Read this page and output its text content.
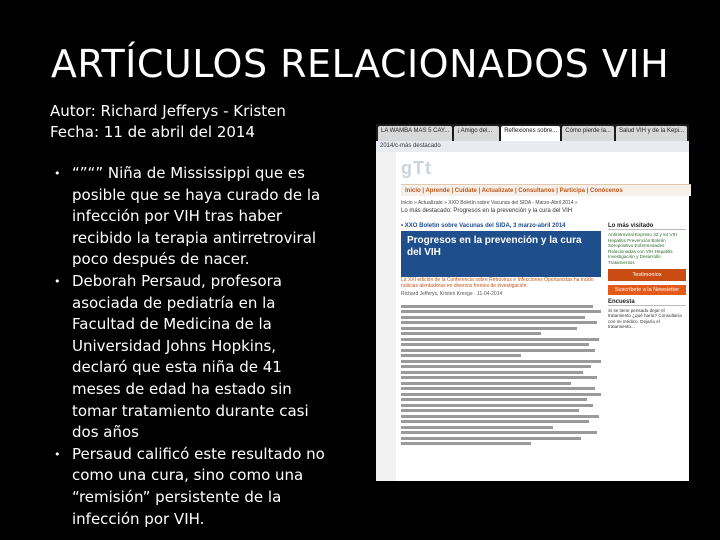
ARTÍCULOS RELACIONADOS VIH
Autor: Richard Jefferys - Kristen
Fecha: 11 de abril del 2014
• “”“” Niña de Mississippi que es posible que se haya curado de la infección por VIH tras haber recibido la terapia antirretroviral poco después de nacer.
• Deborah Persaud, profesora asociada de pediatría en la Facultad de Medicina de la Universidad Johns Hopkins, declaró que esta niña de 41 meses de edad ha estado sin tomar tratamiento durante casi dos años
• Persaud calificó este resultado no como una cura, sino como una “remisión” persistente de la infección por VIH.
LA WAMBA MAS 5 CAY...	¡ Amigo del...	Reflexiones sobre...	Cómo pierde la...	Salud VIH y de la Kepi...
2014/c-más destacado
gTt
Inicio | Aprende | Cuídate | Actualízate | Consultanos | Participa | Conócenos
Inicio » Actualízate » XXO Boletín sobre Vacunas del SIDA - Marzo-Abril 2014 »
Lo más destacado: Progresos en la prevención y la cura del VIH
• XXO Boletín sobre Vacunas del SIDA, 3 marzo-abril 2014
Progresos en la prevención y la cura del VIH
La XXI edición de la Conferencia sobre Retrovirus e Infecciones Oportunistas ha traído noticias alentadoras en diversos frentes de investigación.
Richard Jefferys, Kristen Kresge · 11-04-2014
Lo más visitado
Antiretroviral Expreso 32 y 54 VIH Hepatitis Prevención Boletín Seropositivo Enfermedades Relacionadas con VIH Hepatitis Investigación y Desarrollo Tratamientos
Testimonios
Suscríbete a la Newsletter
Encuesta
Si se tiene pensado dejar el tratamiento ¿qué haría? Consultaría con mi médico. Dejaría el tratamiento...
